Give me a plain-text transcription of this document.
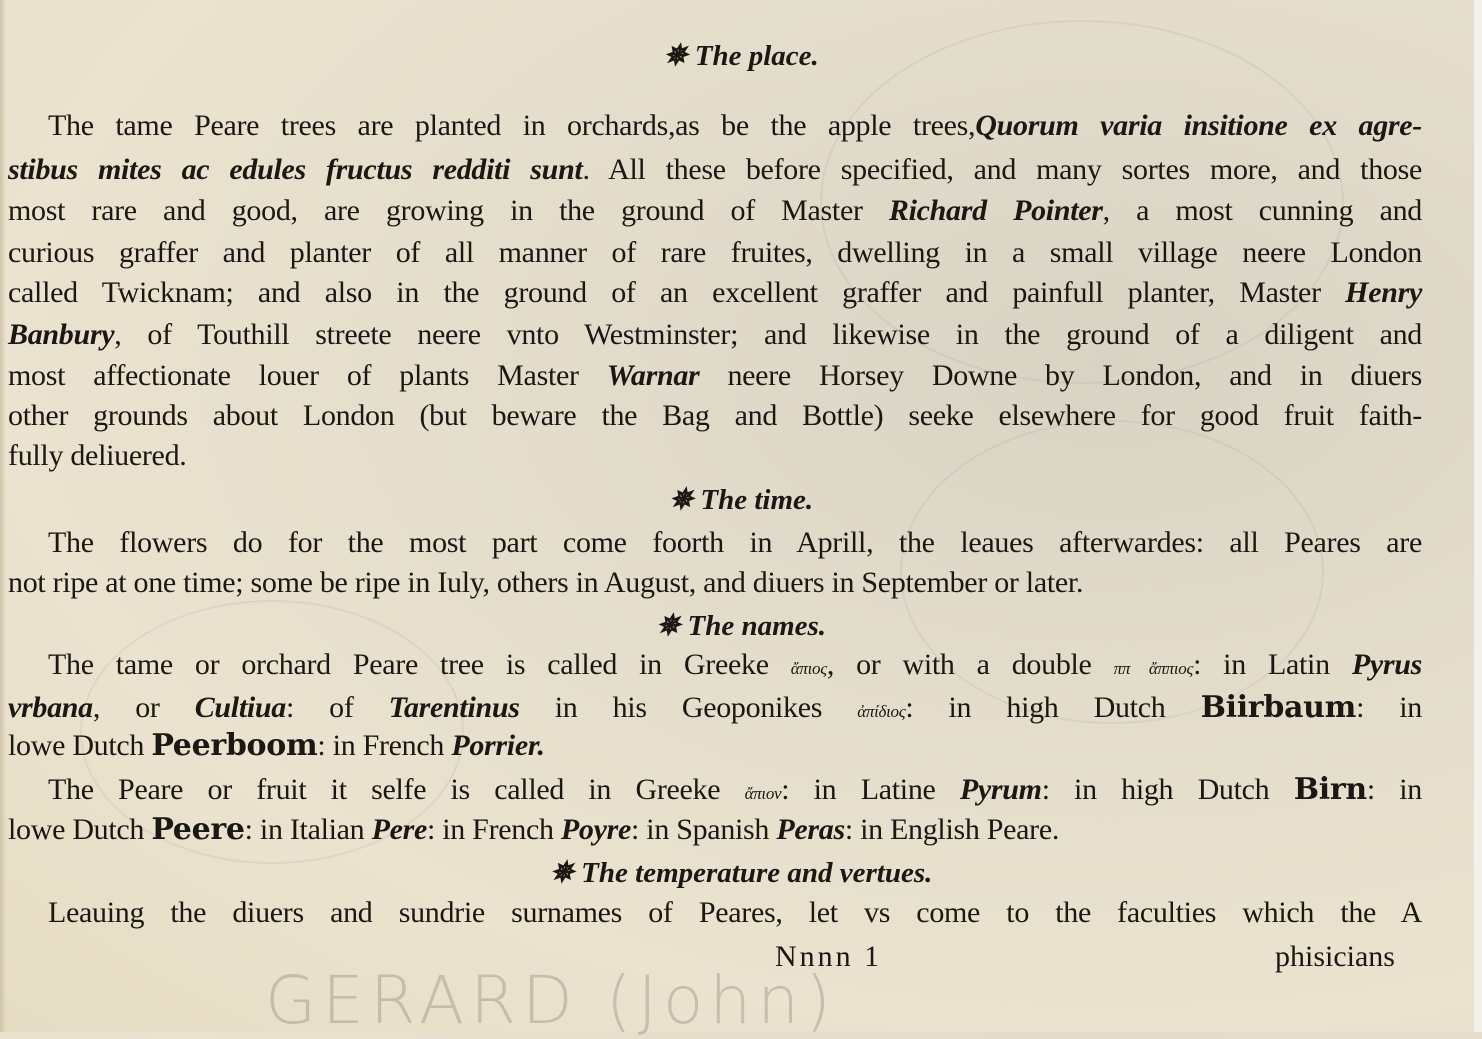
✵ The place.
✵ The time.
✵ The names.
✵ The temperature and vertues.
The tame Peare trees are planted in orchards,as be the apple trees,Quorum varia insitione ex agre-
stibus mites ac edules fructus redditi sunt. All these before specified, and many sortes more, and those
most rare and good, are growing in the ground of Master Richard Pointer, a most cunning and
curious graffer and planter of all manner of rare fruites, dwelling in a small village neere London
called Twicknam; and also in the ground of an excellent graffer and painfull planter, Master Henry
Banbury, of Touthill streete neere vnto Westminster; and likewise in the ground of a diligent and
most affectionate louer of plants Master Warnar neere Horsey Downe by London, and in diuers
other grounds about London (but beware the Bag and Bottle) seeke elsewhere for good fruit faith-
fully deliuered.
The flowers do for the most part come foorth in Aprill, the leaues afterwardes: all Peares are
not ripe at one time; some be ripe in Iuly, others in August, and diuers in September or later.
The tame or orchard Peare tree is called in Greeke ἄπιος, or with a double ππ ἄππιος: in Latin Pyrus
vrbana, or Cultiua: of Tarentinus in his Geoponikes ἀπίδιος: in high Dutch Biirbaum: in
lowe Dutch Peerboom: in French Porrier.
The Peare or fruit it selfe is called in Greeke ἄπιον: in Latine Pyrum: in high Dutch Birn: in
lowe Dutch Peere: in Italian Pere: in French Poyre: in Spanish Peras: in English Peare.
Leauing the diuers and sundrie surnames of Peares, let vs come to the faculties which the A
Nnnn 1	phisicians
GERARD (John)
